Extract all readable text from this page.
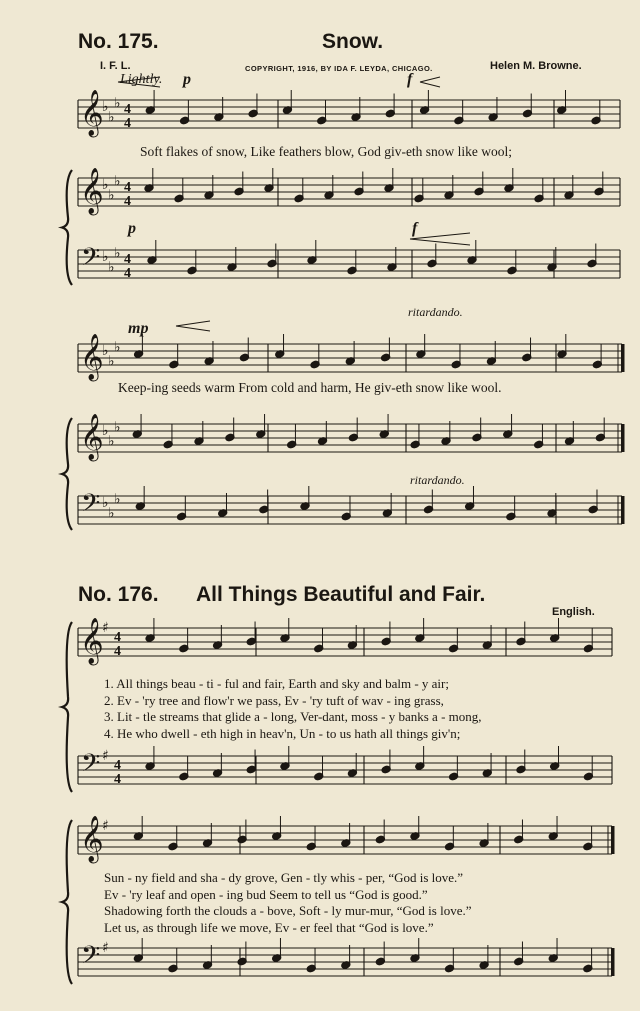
No. 175.	Snow.
I. F. L.	COPYRIGHT, 1916, BY IDA F. LEYDA, CHICAGO.	Helen M. Browne.
Lightly. p	f
Soft flakes of snow, Like feathers blow, God giv-eth snow like wool;
p	f
ritardando.
mp
Keep-ing seeds warm From cold and harm, He giv-eth snow like wool.
ritardando.
No. 176. All Things Beautiful and Fair.
English.
1. All things beau - ti - ful and fair, Earth and sky and balm - y air;
2. Ev - 'ry tree and flow'r we pass, Ev - 'ry tuft of wav - ing grass,
3. Lit - tle streams that glide a - long, Ver-dant, moss - y banks a - mong,
4. He who dwell - eth high in heav'n, Un - to us hath all things giv'n;
Sun - ny field and sha - dy grove, Gen - tly whis - per, “God is love.”
Ev - 'ry leaf and open - ing bud Seem to tell us “God is good.”
Shadowing forth the clouds a - bove, Soft - ly mur-mur, “God is love.”
Let us, as through life we move, Ev - er feel that “God is love.”
𝄞
♭
♭
♭ 4
4
𝄞
♭
♭
♭ 4
4
𝄢 ♭
♭
♭ 4
4
𝄞
♭
♭
♭
𝄞
♭
♭
♭
𝄢 ♭
♭
♭
𝄞
♯
4
4
𝄢 ♯
4
4
𝄞
♯
𝄢 ♯
